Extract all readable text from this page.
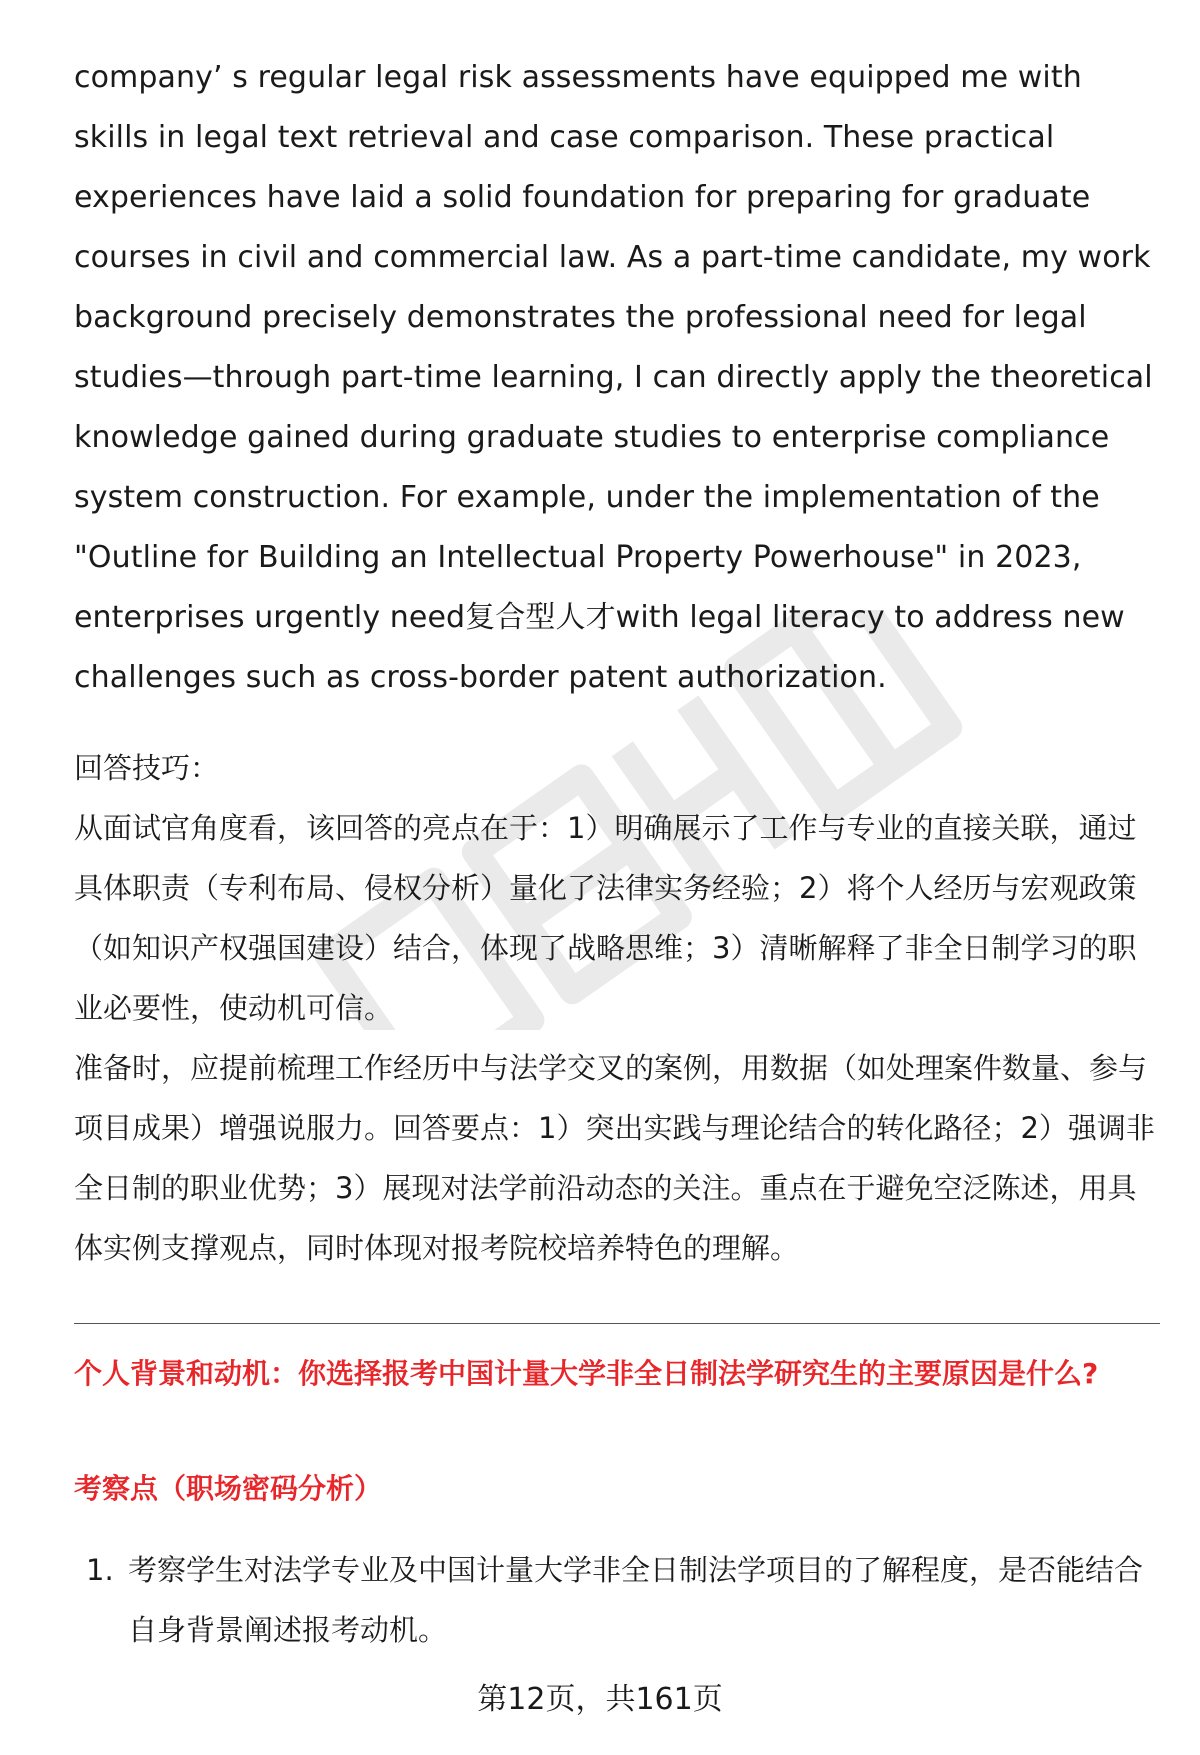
company’ s regular legal risk assessments have equipped me with skills in legal text retrieval and case comparison. These practical experiences have laid a solid foundation for preparing for graduate courses in civil and commercial law. As a part-time candidate, my work background precisely demonstrates the professional need for legal studies—through part-time learning, I can directly apply the theoretical knowledge gained during graduate studies to enterprise compliance system construction. For example, under the implementation of the "Outline for Building an Intellectual Property Powerhouse" in 2023, enterprises urgently need复合型人才with legal literacy to address new challenges such as cross-border patent authorization.

回答技巧：

从面试官角度看，该回答的亮点在于：1）明确展示了工作与专业的直接关联，通过具体职责（专利布局、侵权分析）量化了法律实务经验；2）将个人经历与宏观政策（如知识产权强国建设）结合，体现了战略思维；3）清晰解释了非全日制学习的职业必要性，使动机可信。

准备时，应提前梳理工作经历中与法学交叉的案例，用数据（如处理案件数量、参与项目成果）增强说服力。回答要点：1）突出实践与理论结合的转化路径；2）强调非全日制的职业优势；3）展现对法学前沿动态的关注。重点在于避免空泛陈述，用具体实例支撑观点，同时体现对报考院校培养特色的理解。

个人背景和动机：你选择报考中国计量大学非全日制法学研究生的主要原因是什么?

考察点（职场密码分析）

1. 考察学生对法学专业及中国计量大学非全日制法学项目的了解程度，是否能结合自身背景阐述报考动机。
第12页，共161页
